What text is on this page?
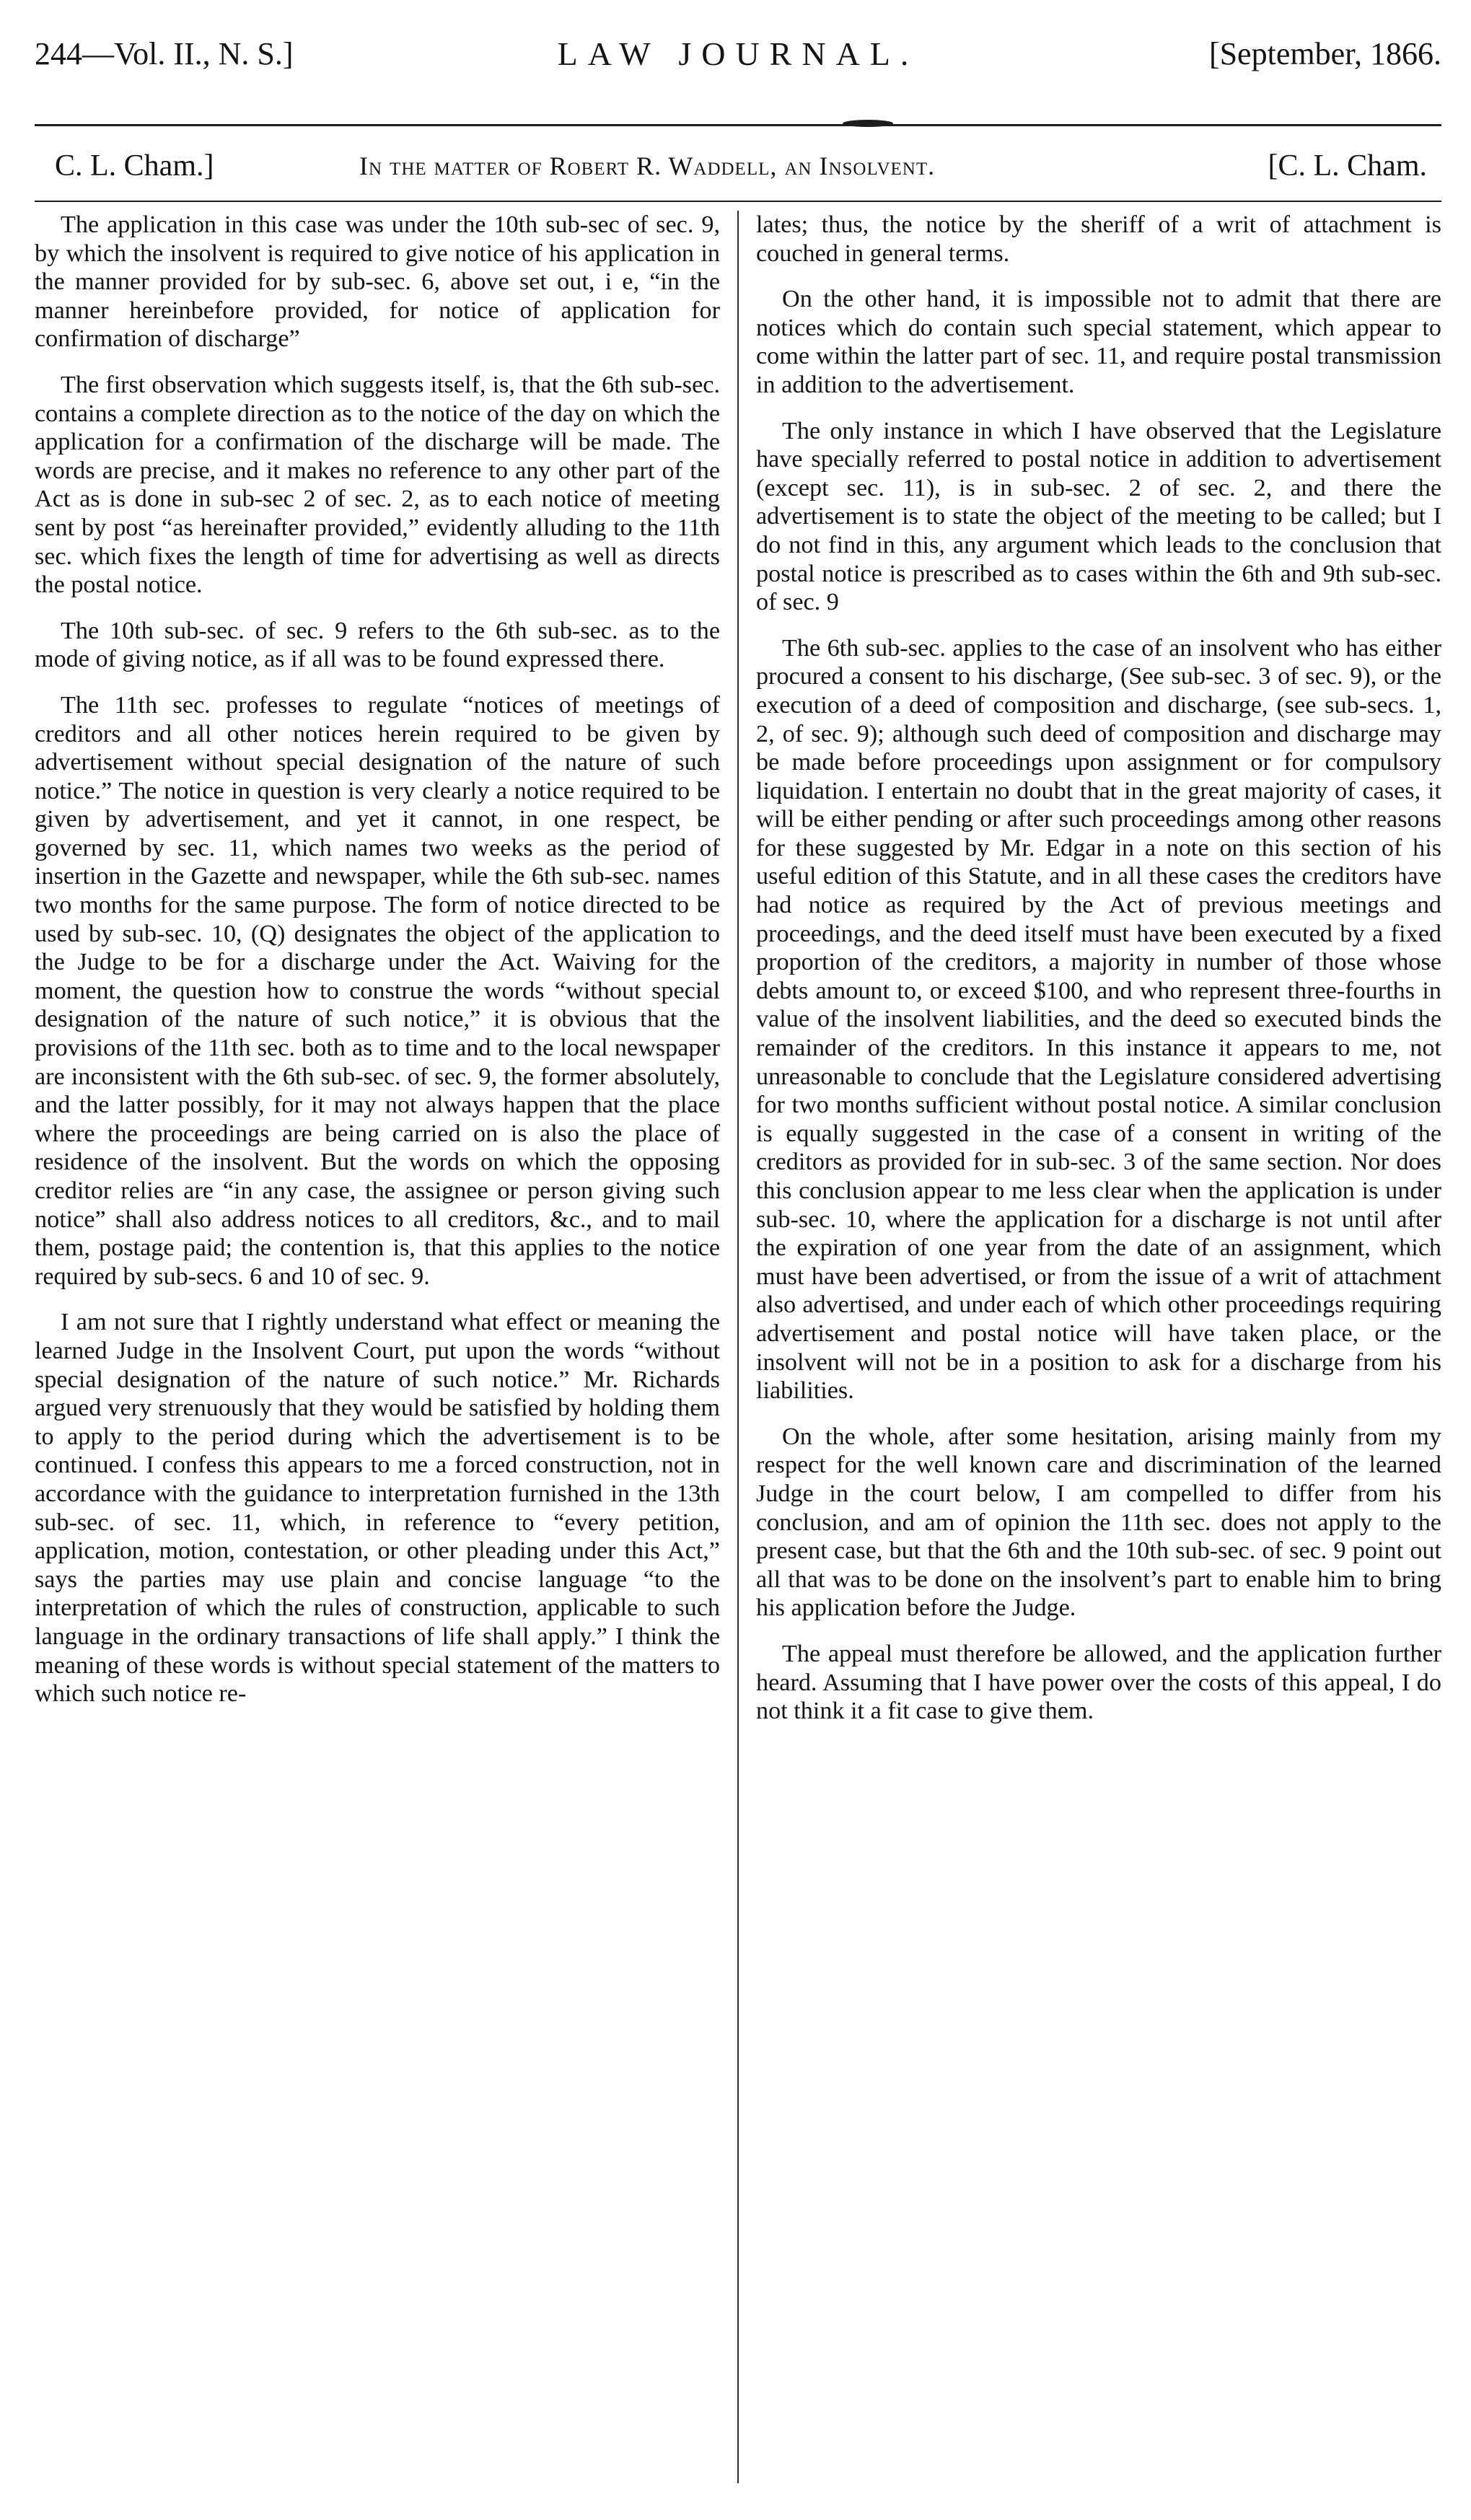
244—Vol. II., N. S.]	LAW JOURNAL.	[September, 1866.
C. L. Cham.]	In the matter of Robert R. Waddell, an Insolvent.	[C. L. Cham.

The application in this case was under the 10th sub-sec of sec. 9, by which the insolvent is required to give notice of his application in the manner provided for by sub-sec. 6, above set out, i e, “in the manner hereinbefore provided, for notice of application for confirmation of discharge”

The first observation which suggests itself, is, that the 6th sub-sec. contains a complete direction as to the notice of the day on which the application for a confirmation of the discharge will be made. The words are precise, and it makes no reference to any other part of the Act as is done in sub-sec 2 of sec. 2, as to each notice of meeting sent by post “as hereinafter provided,” evidently alluding to the 11th sec. which fixes the length of time for advertising as well as directs the postal notice.

The 10th sub-sec. of sec. 9 refers to the 6th sub-sec. as to the mode of giving notice, as if all was to be found expressed there.

The 11th sec. professes to regulate “notices of meetings of creditors and all other notices herein required to be given by advertisement without special designation of the nature of such notice.” The notice in question is very clearly a notice required to be given by advertisement, and yet it cannot, in one respect, be governed by sec. 11, which names two weeks as the period of insertion in the Gazette and newspaper, while the 6th sub-sec. names two months for the same purpose. The form of notice directed to be used by sub-sec. 10, (Q) designates the object of the application to the Judge to be for a discharge under the Act. Waiving for the moment, the question how to construe the words “without special designation of the nature of such notice,” it is obvious that the provisions of the 11th sec. both as to time and to the local newspaper are inconsistent with the 6th sub-sec. of sec. 9, the former absolutely, and the latter possibly, for it may not always happen that the place where the proceedings are being carried on is also the place of residence of the insolvent. But the words on which the opposing creditor relies are “in any case, the assignee or person giving such notice” shall also address notices to all creditors, &c., and to mail them, postage paid; the contention is, that this applies to the notice required by sub-secs. 6 and 10 of sec. 9.

I am not sure that I rightly understand what effect or meaning the learned Judge in the Insolvent Court, put upon the words “without special designation of the nature of such notice.” Mr. Richards argued very strenuously that they would be satisfied by holding them to apply to the period during which the advertisement is to be continued. I confess this appears to me a forced construction, not in accordance with the guidance to interpretation furnished in the 13th sub-sec. of sec. 11, which, in reference to “every petition, application, motion, contestation, or other pleading under this Act,” says the parties may use plain and concise language “to the interpretation of which the rules of construction, applicable to such language in the ordinary transactions of life shall apply.” I think the meaning of these words is without special statement of the matters to which such notice re-

lates; thus, the notice by the sheriff of a writ of attachment is couched in general terms.

On the other hand, it is impossible not to admit that there are notices which do contain such special statement, which appear to come within the latter part of sec. 11, and require postal transmission in addition to the advertisement.

The only instance in which I have observed that the Legislature have specially referred to postal notice in addition to advertisement (except sec. 11), is in sub-sec. 2 of sec. 2, and there the advertisement is to state the object of the meeting to be called; but I do not find in this, any argument which leads to the conclusion that postal notice is prescribed as to cases within the 6th and 9th sub-sec. of sec. 9

The 6th sub-sec. applies to the case of an insolvent who has either procured a consent to his discharge, (See sub-sec. 3 of sec. 9), or the execution of a deed of composition and discharge, (see sub-secs. 1, 2, of sec. 9); although such deed of composition and discharge may be made before proceedings upon assignment or for compulsory liquidation. I entertain no doubt that in the great majority of cases, it will be either pending or after such proceedings among other reasons for these suggested by Mr. Edgar in a note on this section of his useful edition of this Statute, and in all these cases the creditors have had notice as required by the Act of previous meetings and proceedings, and the deed itself must have been executed by a fixed proportion of the creditors, a majority in number of those whose debts amount to, or exceed $100, and who represent three-fourths in value of the insolvent liabilities, and the deed so executed binds the remainder of the creditors. In this instance it appears to me, not unreasonable to conclude that the Legislature considered advertising for two months sufficient without postal notice. A similar conclusion is equally suggested in the case of a consent in writing of the creditors as provided for in sub-sec. 3 of the same section. Nor does this conclusion appear to me less clear when the application is under sub-sec. 10, where the application for a discharge is not until after the expiration of one year from the date of an assignment, which must have been advertised, or from the issue of a writ of attachment also advertised, and under each of which other proceedings requiring advertisement and postal notice will have taken place, or the insolvent will not be in a position to ask for a discharge from his liabilities.

On the whole, after some hesitation, arising mainly from my respect for the well known care and discrimination of the learned Judge in the court below, I am compelled to differ from his conclusion, and am of opinion the 11th sec. does not apply to the present case, but that the 6th and the 10th sub-sec. of sec. 9 point out all that was to be done on the insolvent’s part to enable him to bring his application before the Judge.

The appeal must therefore be allowed, and the application further heard. Assuming that I have power over the costs of this appeal, I do not think it a fit case to give them.
